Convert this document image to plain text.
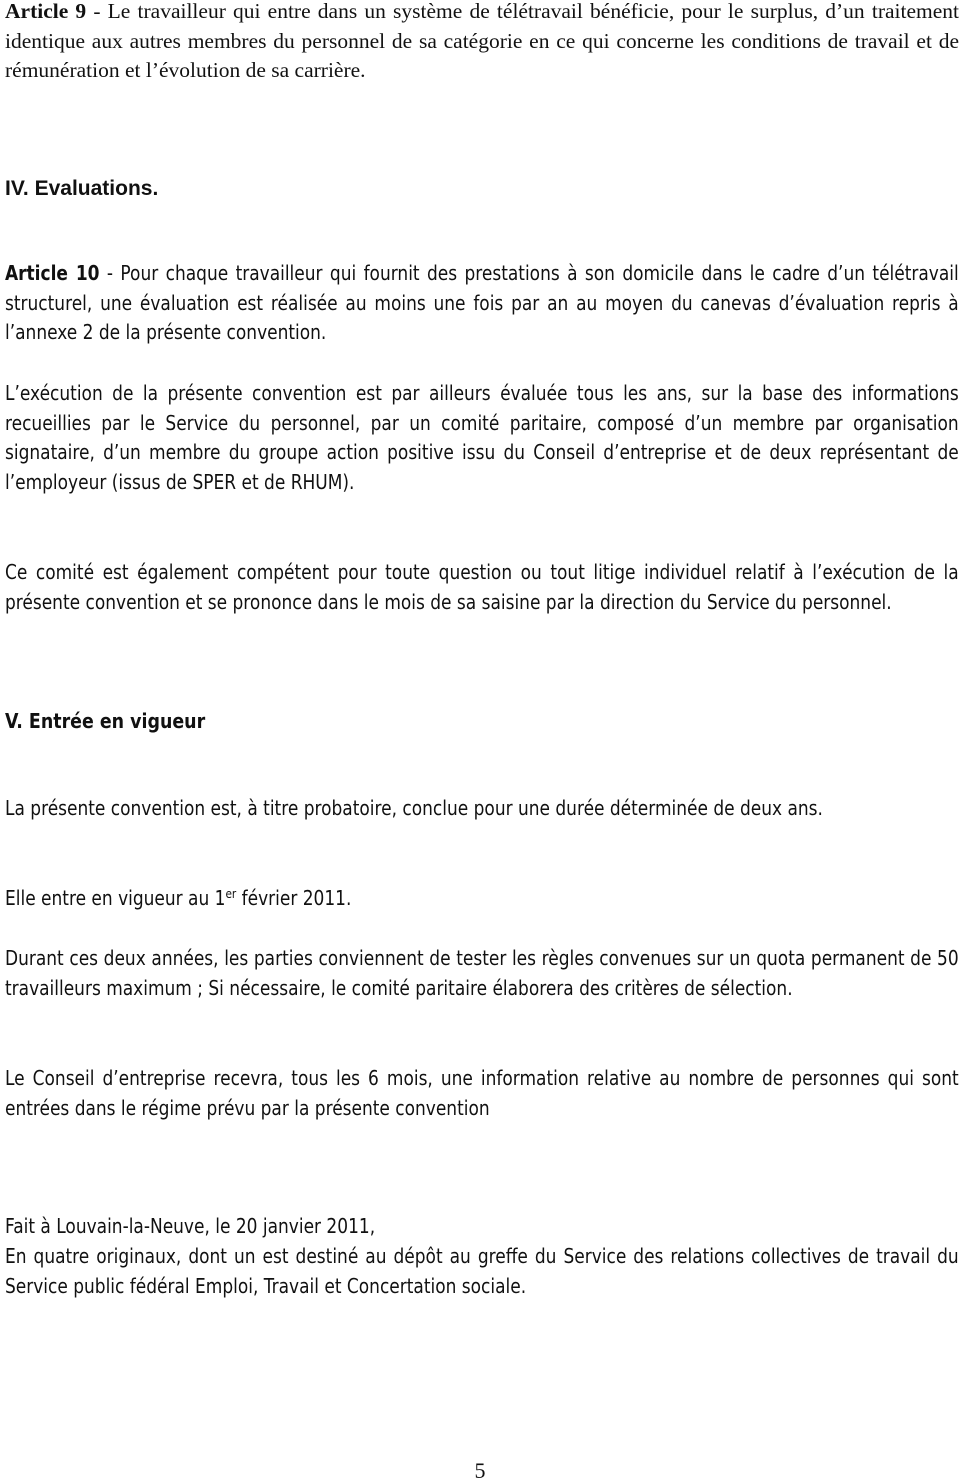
Article 9 - Le travailleur qui entre dans un système de télétravail bénéficie, pour le surplus, d’un traitement identique aux autres membres du personnel de sa catégorie en ce qui concerne les conditions de travail et de rémunération et l’évolution de sa carrière.

IV. Evaluations.

Article 10 - Pour chaque travailleur qui fournit des prestations à son domicile dans le cadre d’un télétravail structurel, une évaluation est réalisée au moins une fois par an au moyen du canevas d’évaluation repris à l’annexe 2 de la présente convention.

L’exécution de la présente convention est par ailleurs évaluée tous les ans, sur la base des informations recueillies par le Service du personnel, par un comité paritaire, composé d’un membre par organisation signataire, d’un membre du groupe action positive issu du Conseil d’entreprise et de deux représentant de l’employeur (issus de SPER et de RHUM).

Ce comité est également compétent pour toute question ou tout litige individuel relatif à l’exécution de la présente convention et se prononce dans le mois de sa saisine par la direction du Service du personnel.

V. Entrée en vigueur

La présente convention est, à titre probatoire, conclue pour une durée déterminée de deux ans.

Elle entre en vigueur au 1er février 2011.

Durant ces deux années, les parties conviennent de tester les règles convenues sur un quota permanent de 50 travailleurs maximum ; Si nécessaire, le comité paritaire élaborera des critères de sélection.

Le Conseil d’entreprise recevra, tous les 6 mois, une information relative au nombre de personnes qui sont entrées dans le régime prévu par la présente convention

Fait à Louvain-la-Neuve, le 20 janvier 2011,

En quatre originaux, dont un est destiné au dépôt au greffe du Service des relations collectives de travail du Service public fédéral Emploi, Travail et Concertation sociale.

5
